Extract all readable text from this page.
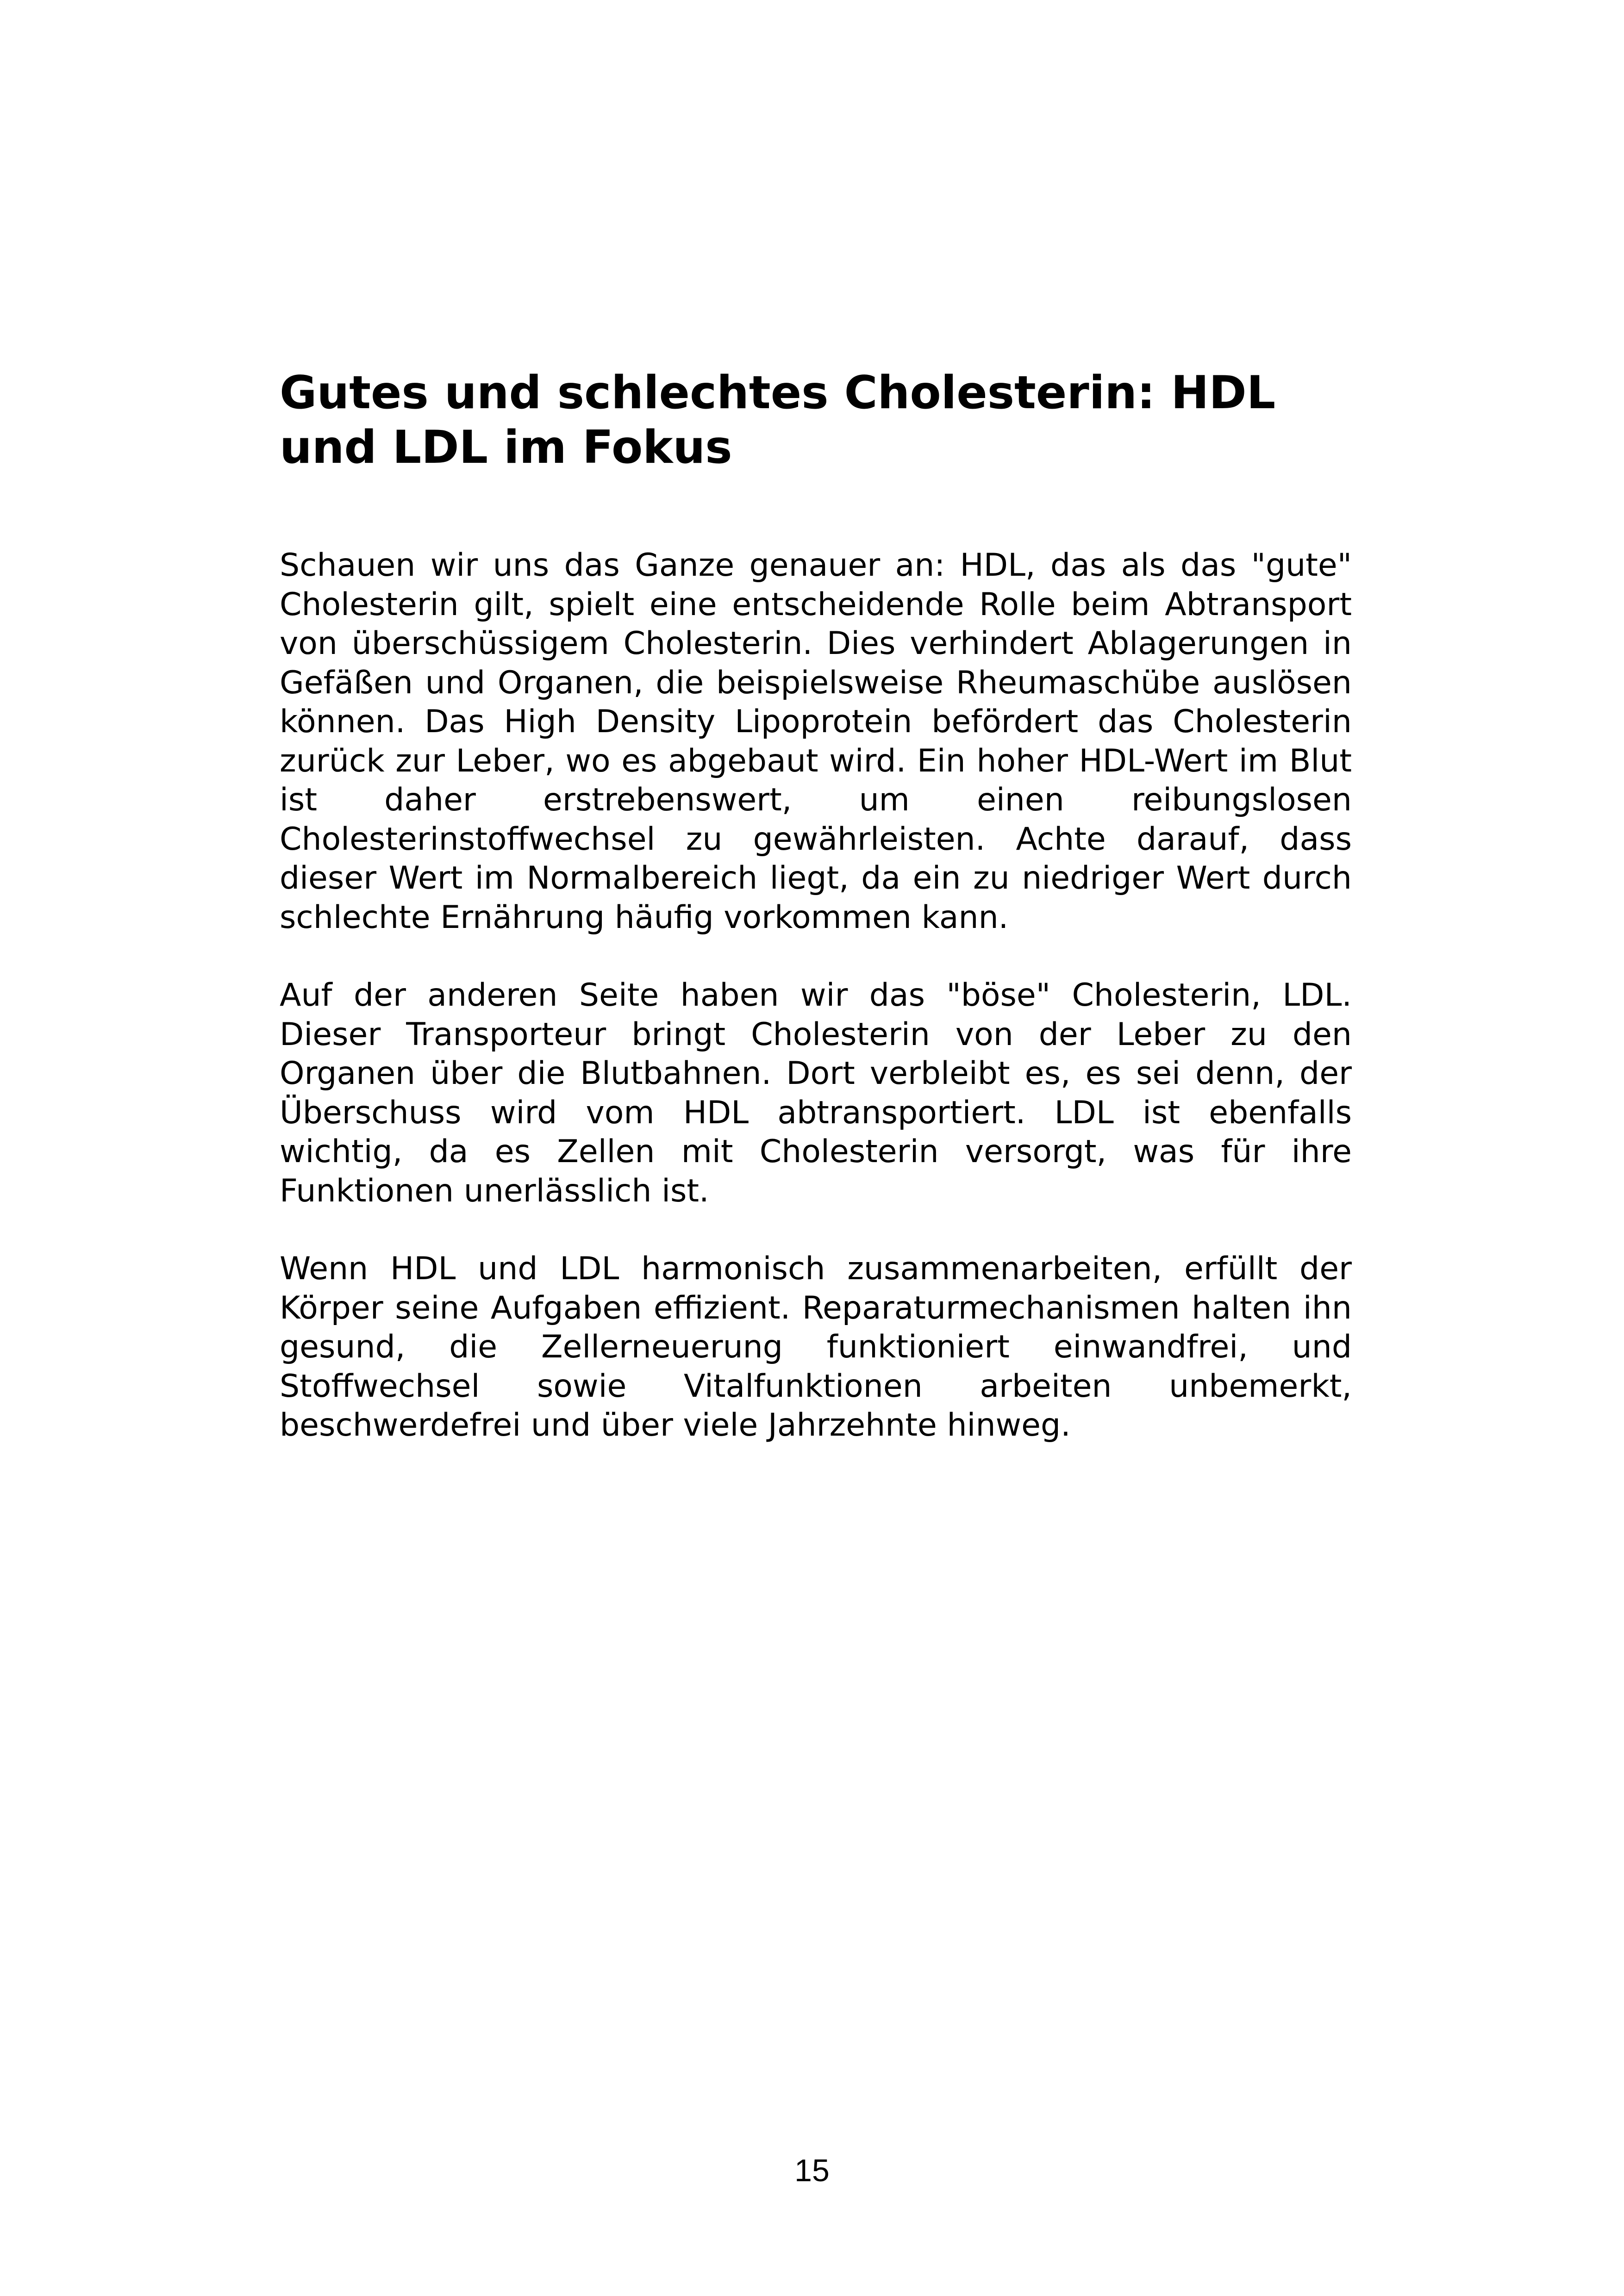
Gutes und schlechtes Cholesterin: HDL und LDL im Fokus

Schauen wir uns das Ganze genauer an: HDL, das als das "gute" Cholesterin gilt, spielt eine entscheidende Rolle beim Abtransport von überschüssigem Cholesterin. Dies verhindert Ablagerungen in Gefäßen und Organen, die beispielsweise Rheumaschübe auslösen können. Das High Density Lipoprotein befördert das Cholesterin zurück zur Leber, wo es abgebaut wird. Ein hoher HDL-Wert im Blut ist daher erstrebenswert, um einen reibungslosen Cholesterinstoffwechsel zu gewährleisten. Achte darauf, dass dieser Wert im Normalbereich liegt, da ein zu niedriger Wert durch schlechte Ernährung häufig vorkommen kann.

Auf der anderen Seite haben wir das "böse" Cholesterin, LDL. Dieser Transporteur bringt Cholesterin von der Leber zu den Organen über die Blutbahnen. Dort verbleibt es, es sei denn, der Überschuss wird vom HDL abtransportiert. LDL ist ebenfalls wichtig, da es Zellen mit Cholesterin versorgt, was für ihre Funktionen unerlässlich ist.

Wenn HDL und LDL harmonisch zusammenarbeiten, erfüllt der Körper seine Aufgaben effizient. Reparaturmechanismen halten ihn gesund, die Zellerneuerung funktioniert einwandfrei, und Stoffwechsel sowie Vitalfunktionen arbeiten unbemerkt, beschwerdefrei und über viele Jahrzehnte hinweg.

15
